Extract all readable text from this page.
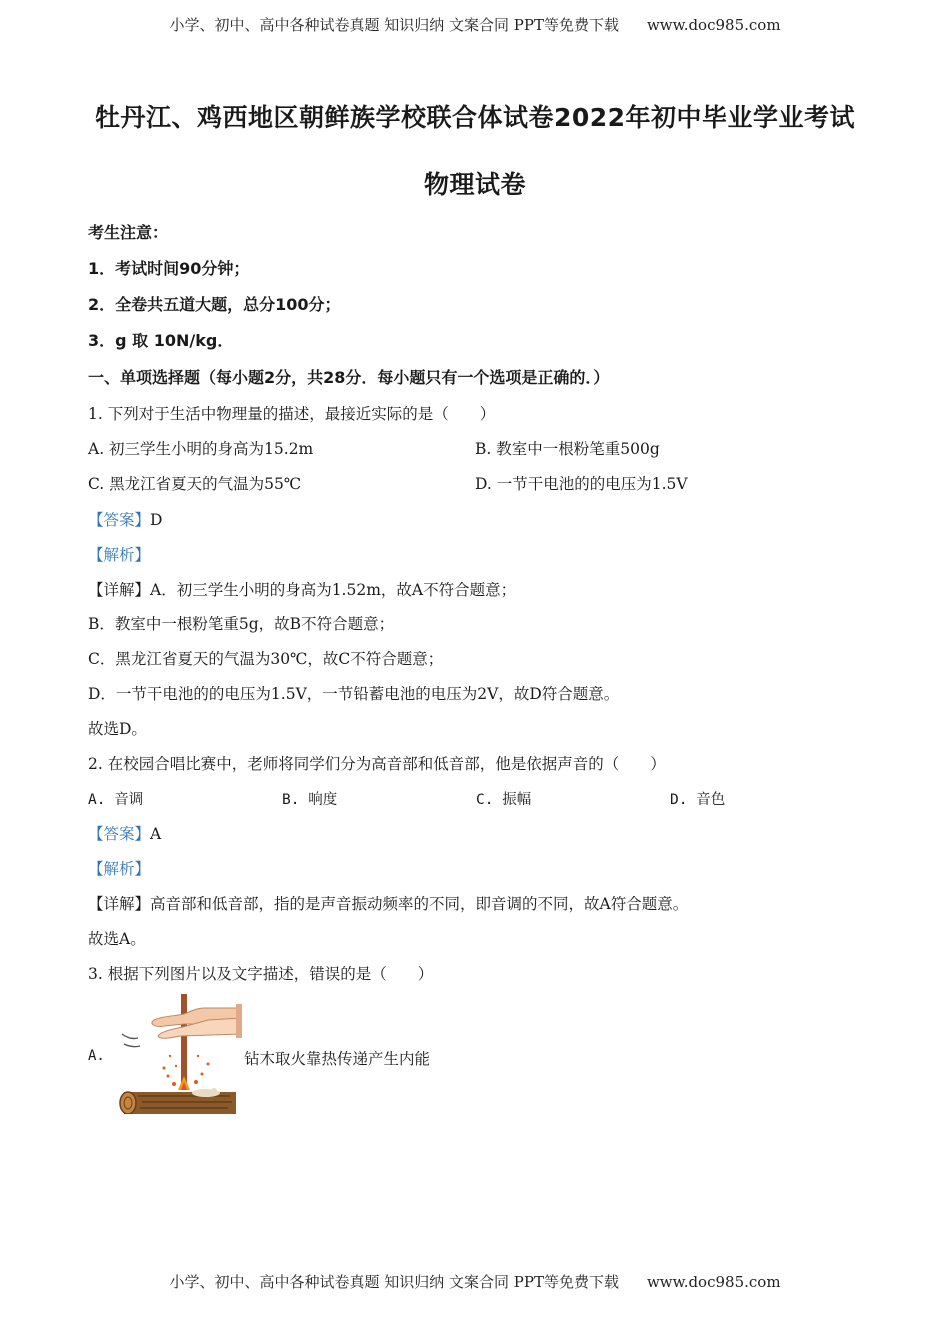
小学、初中、高中各种试卷真题 知识归纳 文案合同 PPT等免费下载 www.doc985.com
牡丹江、鸡西地区朝鲜族学校联合体试卷2022年初中毕业学业考试
物理试卷
考生注意：
1．考试时间90分钟；
2．全卷共五道大题，总分100分；
3．g 取 10N/kg．
一、单项选择题（每小题2分，共28分．每小题只有一个选项是正确的．）
1. 下列对于生活中物理量的描述，最接近实际的是（　　）
A. 初三学生小明的身高为15.2m	B. 教室中一根粉笔重500g
C. 黑龙江省夏天的气温为55℃	D. 一节干电池的的电压为1.5V
【答案】D
【解析】
【详解】A．初三学生小明的身高为1.52m，故A不符合题意；
B．教室中一根粉笔重5g，故B不符合题意；
C．黑龙江省夏天的气温为30℃，故C不符合题意；
D．一节干电池的的电压为1.5V，一节铅蓄电池的电压为2V，故D符合题意。
故选D。
2. 在校园合唱比赛中，老师将同学们分为高音部和低音部，他是依据声音的（　　）
A. 音调	B. 响度	C. 振幅	D. 音色
【答案】A
【解析】
【详解】高音部和低音部，指的是声音振动频率的不同，即音调的不同，故A符合题意。
故选A。
3. 根据下列图片以及文字描述，错误的是（　　）
A.	钻木取火靠热传递产生内能
小学、初中、高中各种试卷真题 知识归纳 文案合同 PPT等免费下载 www.doc985.com
